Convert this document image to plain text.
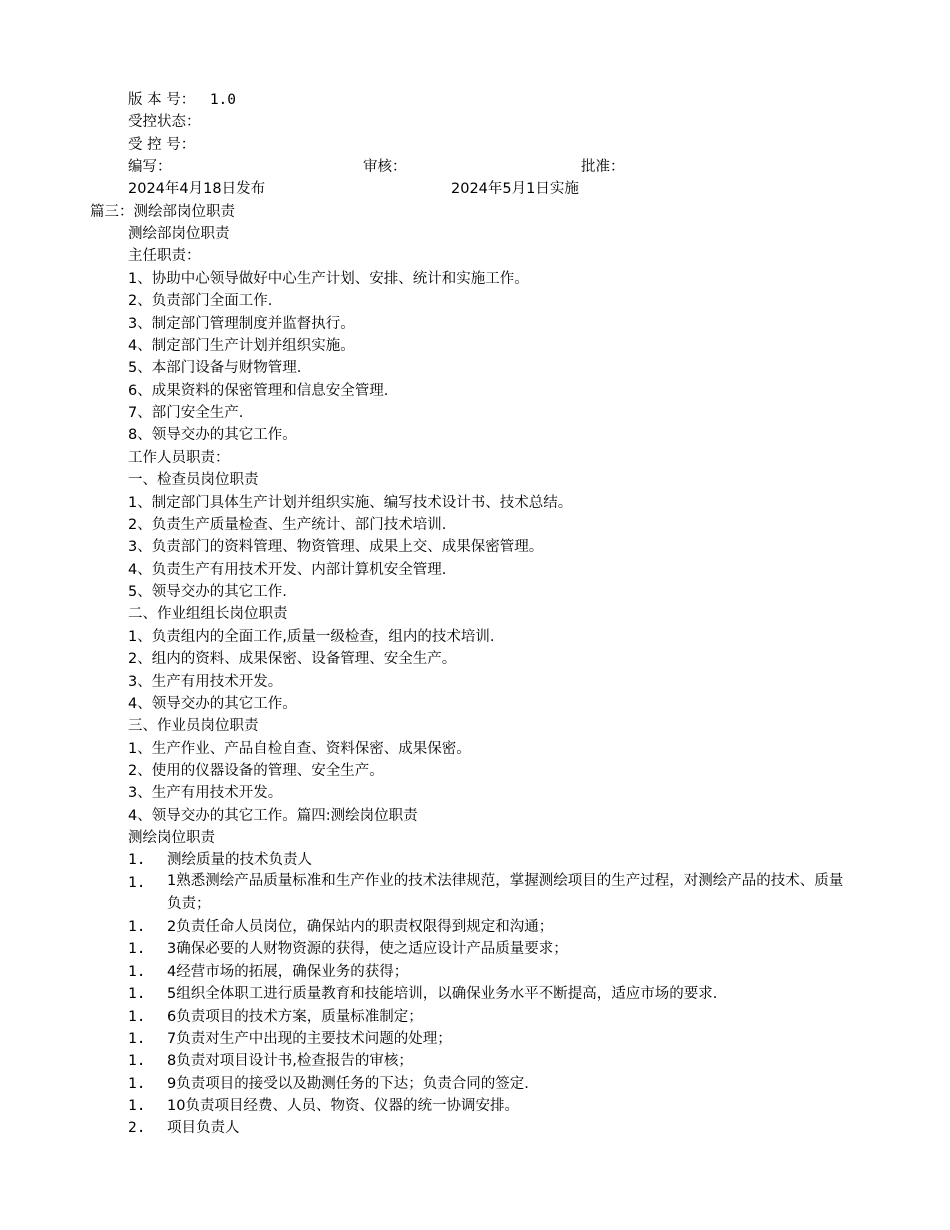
版 本 号： 1.0
受控状态：
受 控 号：
编写：	审核：	批准：
2024年4月18日发布	2024年5月1日实施
篇三：测绘部岗位职责
测绘部岗位职责
主任职责：
1、协助中心领导做好中心生产计划、安排、统计和实施工作。
2、负责部门全面工作.
3、制定部门管理制度并监督执行。
4、制定部门生产计划并组织实施。
5、本部门设备与财物管理.
6、成果资料的保密管理和信息安全管理.
7、部门安全生产.
8、领导交办的其它工作。
工作人员职责：
一、检查员岗位职责
1、制定部门具体生产计划并组织实施、编写技术设计书、技术总结。
2、负责生产质量检查、生产统计、部门技术培训.
3、负责部门的资料管理、物资管理、成果上交、成果保密管理。
4、负责生产有用技术开发、内部计算机安全管理.
5、领导交办的其它工作.
二、作业组组长岗位职责
1、负责组内的全面工作,质量一级检查，组内的技术培训.
2、组内的资料、成果保密、设备管理、安全生产。
3、生产有用技术开发。
4、领导交办的其它工作。
三、作业员岗位职责
1、生产作业、产品自检自查、资料保密、成果保密。
2、使用的仪器设备的管理、安全生产。
3、生产有用技术开发。
4、领导交办的其它工作。篇四:测绘岗位职责
测绘岗位职责
1. 测绘质量的技术负责人
1. 1熟悉测绘产品质量标准和生产作业的技术法律规范，掌握测绘项目的生产过程，对测绘产品的技术、质量负责；
1. 2负责任命人员岗位，确保站内的职责权限得到规定和沟通；
1. 3确保必要的人财物资源的获得，使之适应设计产品质量要求；
1. 4经营市场的拓展，确保业务的获得；
1. 5组织全体职工进行质量教育和技能培训，以确保业务水平不断提高，适应市场的要求.
1. 6负责项目的技术方案，质量标准制定；
1. 7负责对生产中出现的主要技术问题的处理；
1. 8负责对项目设计书,检查报告的审核；
1. 9负责项目的接受以及勘测任务的下达；负责合同的签定.
1. 10负责项目经费、人员、物资、仪器的统一协调安排。
2. 项目负责人
